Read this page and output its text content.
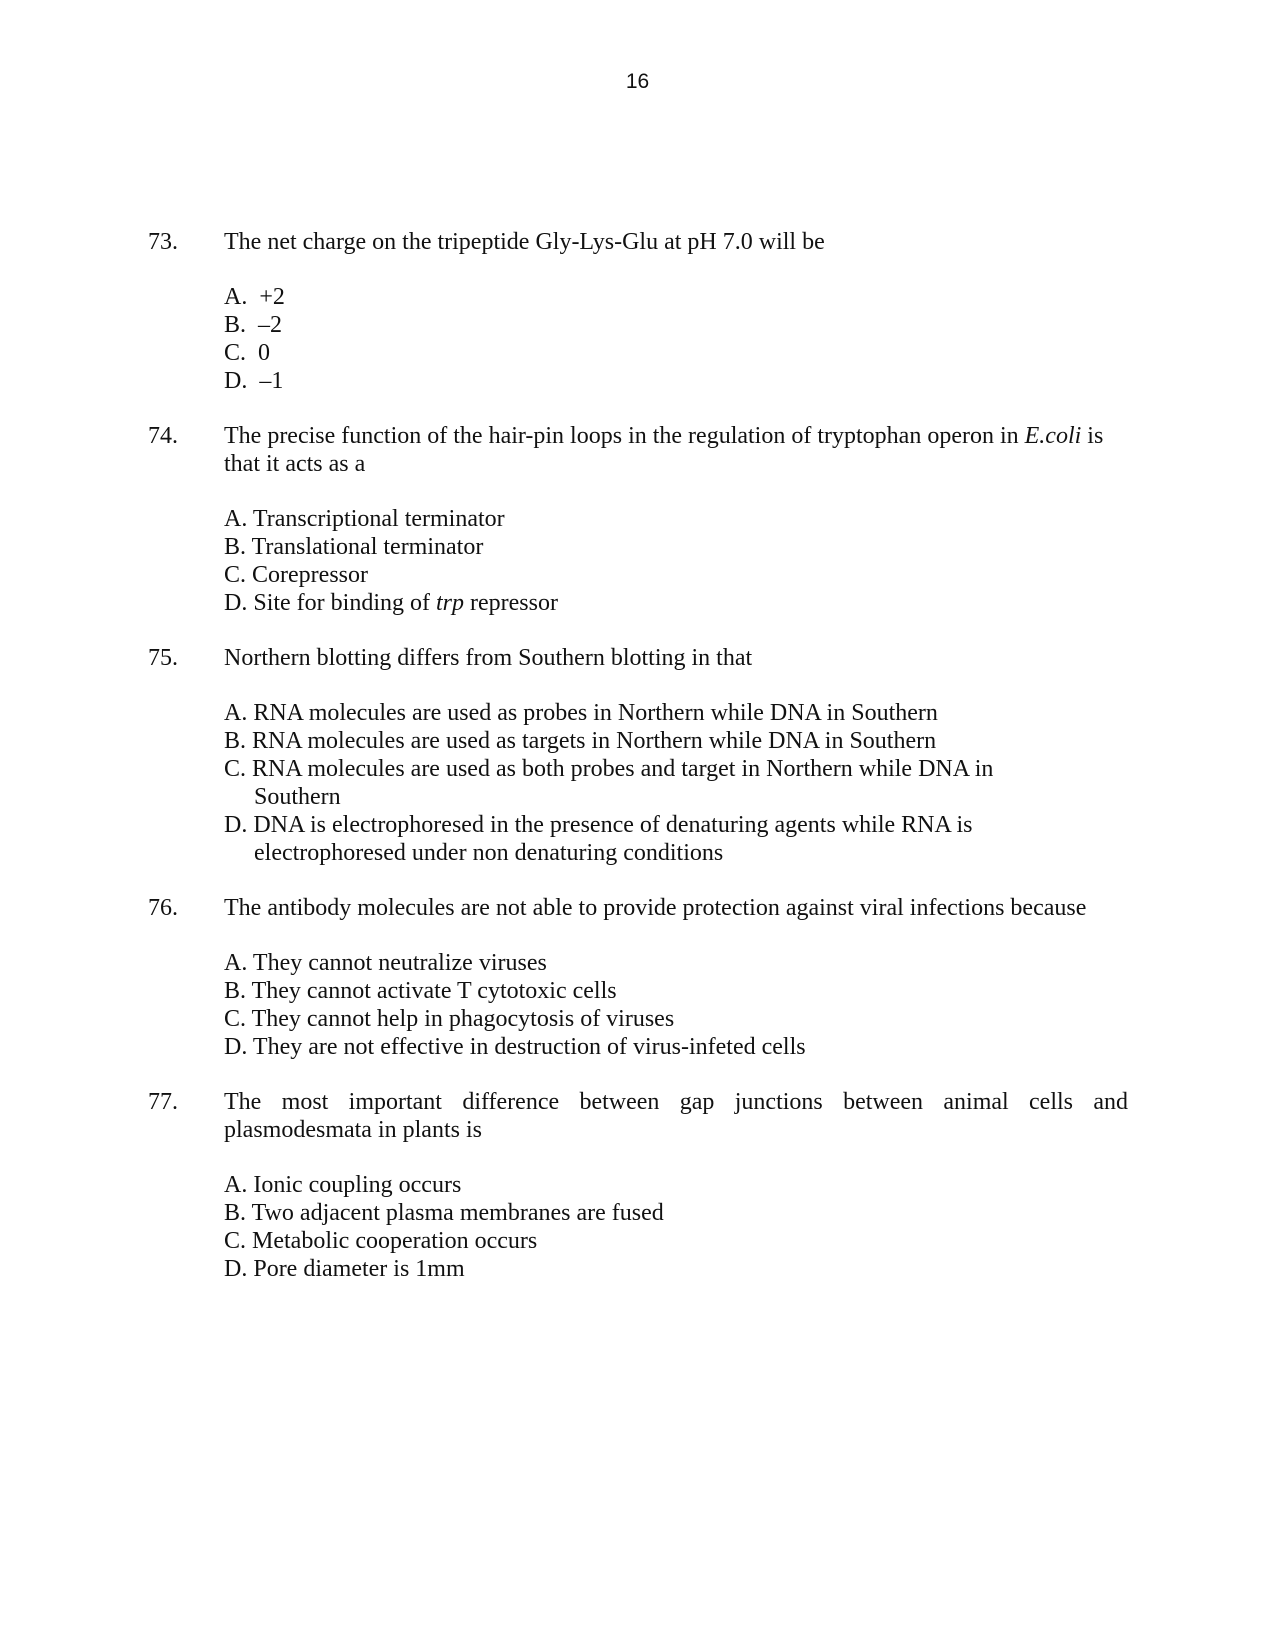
16
73. The net charge on the tripeptide Gly-Lys-Glu at pH 7.0 will be

A. +2
B. –2
C. 0
D. –1
74. The precise function of the hair-pin loops in the regulation of tryptophan operon in E.coli is that it acts as a

A. Transcriptional terminator
B. Translational terminator
C. Corepressor
D. Site for binding of trp repressor
75. Northern blotting differs from Southern blotting in that

A. RNA molecules are used as probes in Northern while DNA in Southern
B. RNA molecules are used as targets in Northern while DNA in Southern
C. RNA molecules are used as both probes and target in Northern while DNA in Southern
D. DNA is electrophoresed in the presence of denaturing agents while RNA is electrophoresed under non denaturing conditions
76. The antibody molecules are not able to provide protection against viral infections because

A. They cannot neutralize viruses
B. They cannot activate T cytotoxic cells
C. They cannot help in phagocytosis of viruses
D. They are not effective in destruction of virus-infeted cells
77. The most important difference between gap junctions between animal cells and plasmodesmata in plants is

A. Ionic coupling occurs
B. Two adjacent plasma membranes are fused
C. Metabolic cooperation occurs
D. Pore diameter is 1mm
